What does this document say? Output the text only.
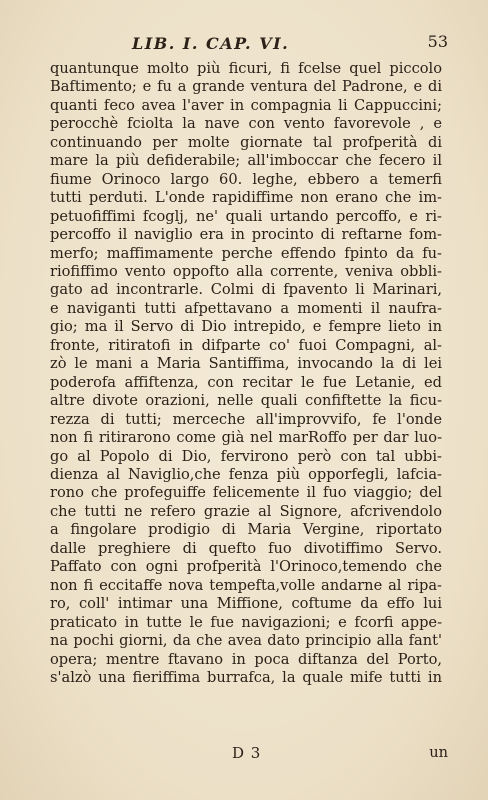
LIB. I. CAP. VI.	53
quantunque molto più ficuri, fi fcelse quel piccolo
Baftimento; e fu a grande ventura del Padrone, e di
quanti feco avea l'aver in compagnia li Cappuccini;
perocchè fciolta la nave con vento favorevole , e
continuando per molte giornate tal profperità di
mare la più defiderabile; all'imboccar che fecero il
fiume Orinoco largo 60. leghe, ebbero a temerfi
tutti perduti. L'onde rapidiffime non erano che im-
petuofiffimi fcoglj, ne' quali urtando percoffo, e ri-
percoffo il naviglio era in procinto di reftarne fom-
merfo; maffimamente perche effendo fpinto da fu-
riofiffimo vento oppofto alla corrente, veniva obbli-
gato ad incontrarle. Colmi di fpavento li Marinari,
e naviganti tutti afpettavano a momenti il naufra-
gio; ma il Servo di Dio intrepido, e fempre lieto in
fronte, ritiratofi in difparte co' fuoi Compagni, al-
zò le mani a Maria Santiffima, invocando la di lei
poderofa affiftenza, con recitar le fue Letanie, ed
altre divote orazioni, nelle quali confiftette la ficu-
rezza di tutti; merceche all'improvvifo, fe l'onde
non fi ritirarono come già nel marRoffo per dar luo-
go al Popolo di Dio, fervirono però con tal ubbi-
dienza al Naviglio,che fenza più opporfegli, lafcia-
rono che profeguiffe felicemente il fuo viaggio; del
che tutti ne refero grazie al Signore, afcrivendolo
a fingolare prodigio di Maria Vergine, riportato
dalle preghiere di quefto fuo divotiffimo Servo.
Paffato con ogni profperità l'Orinoco,temendo che
non fi eccitaffe nova tempefta,volle andarne al ripa-
ro, coll' intimar una Miffione, coftume da effo lui
praticato in tutte le fue navigazioni; e fcorfi appe-
na pochi giorni, da che avea dato principio alla fant'
opera; mentre ftavano in poca diftanza del Porto,
s'alzò una fieriffima burrafca, la quale mife tutti in
D 3	un
